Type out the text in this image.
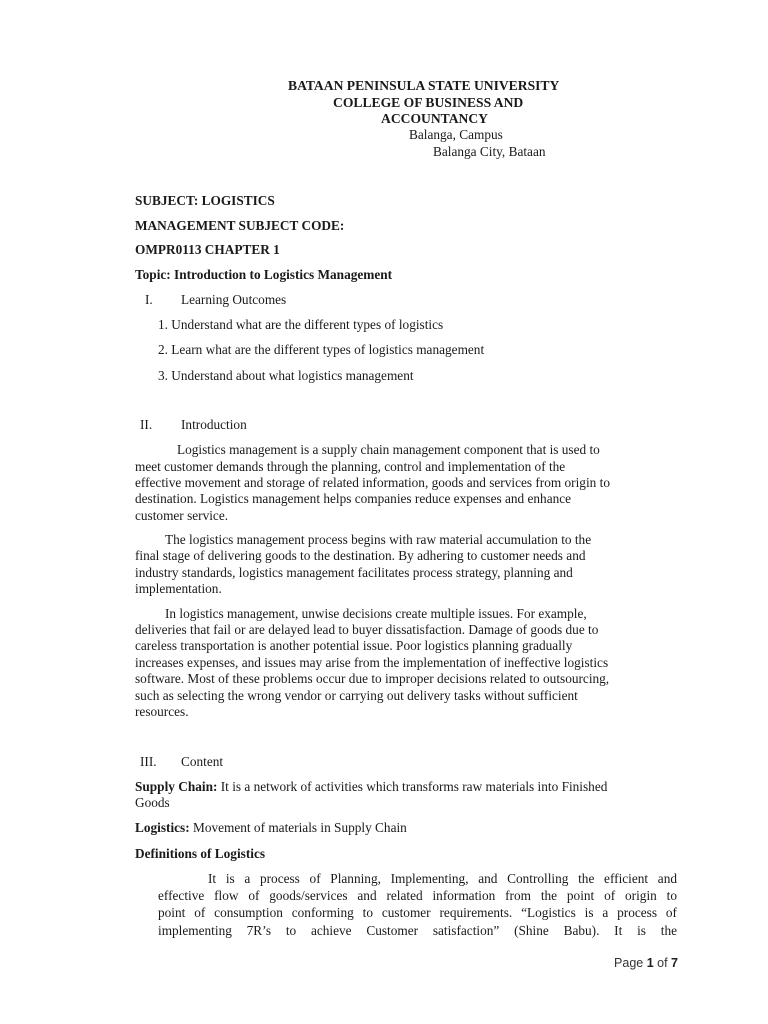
BATAAN PENINSULA STATE UNIVERSITY
COLLEGE OF BUSINESS AND
ACCOUNTANCY
Balanga, Campus
Balanga City, Bataan
SUBJECT: LOGISTICS
MANAGEMENT SUBJECT CODE:
OMPR0113 CHAPTER 1
Topic: Introduction to Logistics Management
I. Learning Outcomes
1. Understand what are the different types of logistics
2. Learn what are the different types of logistics management
3. Understand about what logistics management
II. Introduction
Logistics management is a supply chain management component that is used to
meet customer demands through the planning, control and implementation of the
effective movement and storage of related information, goods and services from origin to
destination. Logistics management helps companies reduce expenses and enhance
customer service.
The logistics management process begins with raw material accumulation to the
final stage of delivering goods to the destination. By adhering to customer needs and
industry standards, logistics management facilitates process strategy, planning and
implementation.
In logistics management, unwise decisions create multiple issues. For example,
deliveries that fail or are delayed lead to buyer dissatisfaction. Damage of goods due to
careless transportation is another potential issue. Poor logistics planning gradually
increases expenses, and issues may arise from the implementation of ineffective logistics
software. Most of these problems occur due to improper decisions related to outsourcing,
such as selecting the wrong vendor or carrying out delivery tasks without sufficient
resources.
III. Content
Supply Chain: It is a network of activities which transforms raw materials into Finished
Goods
Logistics: Movement of materials in Supply Chain
Definitions of Logistics
It is a process of Planning, Implementing, and Controlling the efficient and
effective flow of goods/services and related information from the point of origin to
point of consumption conforming to customer requirements. “Logistics is a process of
implementing 7R’s to achieve Customer satisfaction” (Shine Babu). It is the
Page 1 of 7
